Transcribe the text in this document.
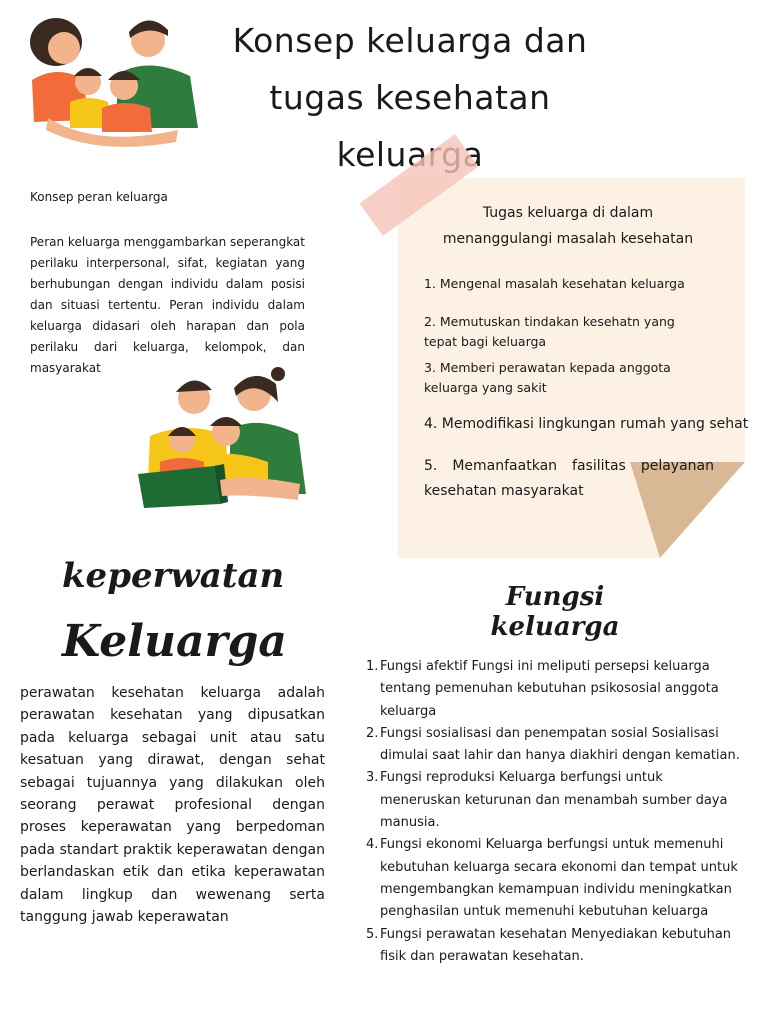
Konsep keluarga dan
tugas kesehatan
keluarga
Konsep peran keluarga
Peran keluarga menggambarkan seperangkat perilaku interpersonal, sifat, kegiatan yang berhubungan dengan individu dalam posisi dan situasi tertentu. Peran individu dalam keluarga didasari oleh harapan dan pola perilaku dari keluarga, kelompok, dan masyarakat
Tugas keluarga di dalam
menanggulangi masalah kesehatan
1. Mengenal masalah kesehatan keluarga
2. Memutuskan tindakan kesehatn yang tepat bagi keluarga
3. Memberi perawatan kepada anggota keluarga yang sakit
4. Memodifikasi lingkungan rumah yang sehat
5. Memanfaatkan fasilitas pelayanan kesehatan masyarakat
keperwatan
Keluarga
perawatan kesehatan keluarga adalah perawatan kesehatan yang dipusatkan pada keluarga sebagai unit atau satu kesatuan yang dirawat, dengan sehat sebagai tujuannya yang dilakukan oleh seorang perawat profesional dengan proses keperawatan yang berpedoman pada standart praktik keperawatan dengan berlandaskan etik dan etika keperawatan dalam lingkup dan wewenang serta tanggung jawab keperawatan
Fungsi keluarga
1. Fungsi afektif Fungsi ini meliputi persepsi keluarga tentang pemenuhan kebutuhan psikososial anggota keluarga
2. Fungsi sosialisasi dan penempatan sosial Sosialisasi dimulai saat lahir dan hanya diakhiri dengan kematian.
3. Fungsi reproduksi Keluarga berfungsi untuk meneruskan keturunan dan menambah sumber daya manusia.
4. Fungsi ekonomi Keluarga berfungsi untuk memenuhi kebutuhan keluarga secara ekonomi dan tempat untuk mengembangkan kemampuan individu meningkatkan penghasilan untuk memenuhi kebutuhan keluarga
5. Fungsi perawatan kesehatan Menyediakan kebutuhan fisik dan perawatan kesehatan.
